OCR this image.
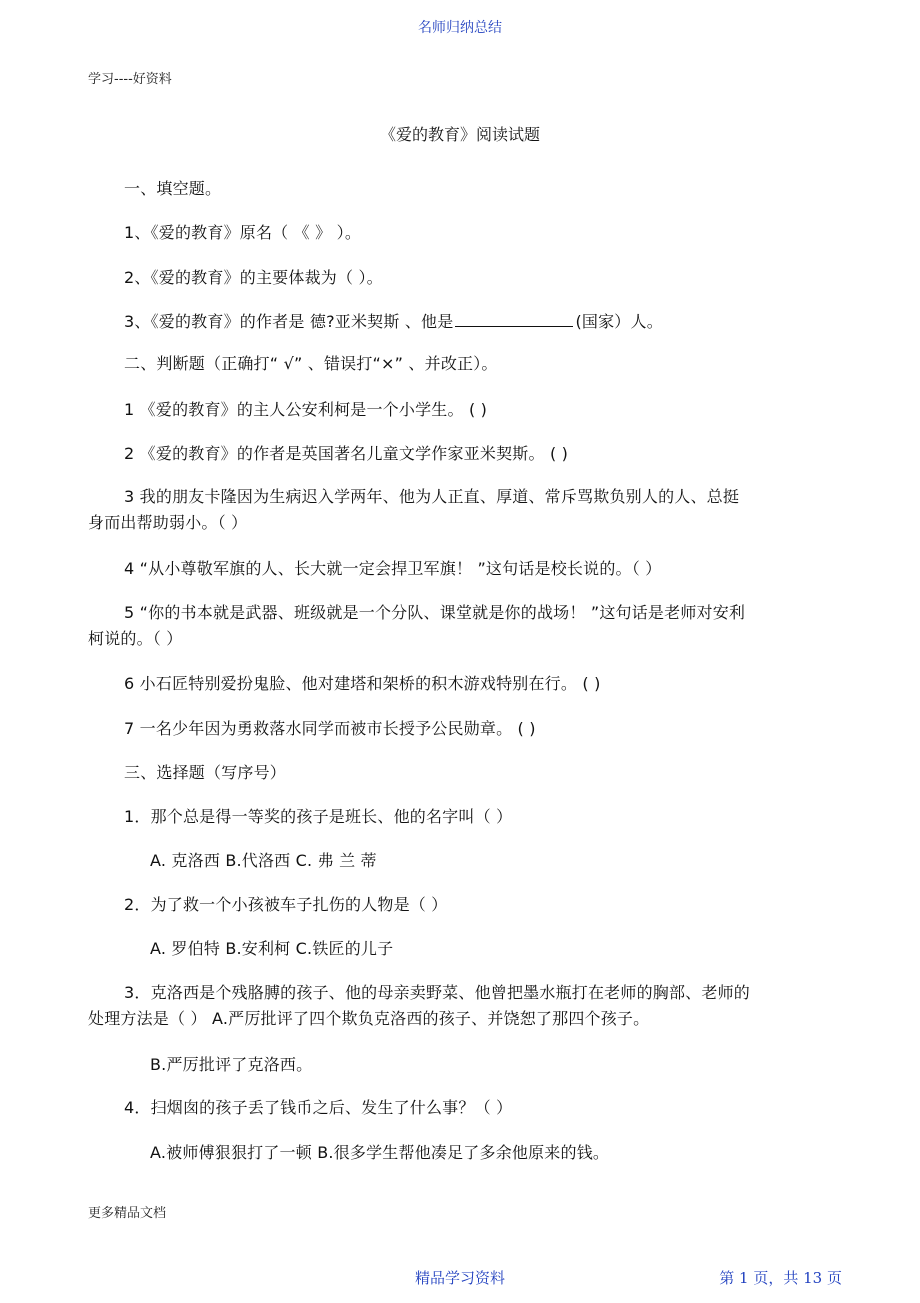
名师归纳总结
学习----好资料
《爱的教育》阅读试题
一、填空题。
1、《爱的教育》原名（ 《 》 ）。
2、《爱的教育》的主要体裁为（ ）。
3、《爱的教育》的作者是 德?亚米契斯 、他是	(国家）人。
二、判断题（正确打“ √” 、错误打“×” 、并改正）。
1 《爱的教育》的主人公安利柯是一个小学生。 ( )
2 《爱的教育》的作者是英国著名儿童文学作家亚米契斯。 ( )
3 我的朋友卡隆因为生病迟入学两年、他为人正直、厚道、常斥骂欺负别人的人、总挺
身而出帮助弱小。（ ）
4 “从小尊敬军旗的人、长大就一定会捍卫军旗！ ”这句话是校长说的。（ ）
5 “你的书本就是武器、班级就是一个分队、课堂就是你的战场！ ”这句话是老师对安利
柯说的。（ ）
6 小石匠特别爱扮鬼脸、他对建塔和架桥的积木游戏特别在行。 ( )
7 一名少年因为勇救落水同学而被市长授予公民勋章。 ( )
三、选择题（写序号）
1．那个总是得一等奖的孩子是班长、他的名字叫（ ）
A. 克洛西 B.代洛西 C. 弗 兰 蒂
2．为了救一个小孩被车子扎伤的人物是（ ）
A. 罗伯特 B.安利柯 C.铁匠的儿子
3．克洛西是个残胳膊的孩子、他的母亲卖野菜、他曾把墨水瓶打在老师的胸部、老师的
处理方法是（ ） A.严厉批评了四个欺负克洛西的孩子、并饶恕了那四个孩子。
B.严厉批评了克洛西。
4．扫烟囱的孩子丢了钱币之后、发生了什么事？（ ）
A.被师傅狠狠打了一顿 B.很多学生帮他凑足了多余他原来的钱。
更多精品文档
精品学习资料	第 1 页，共 13 页
